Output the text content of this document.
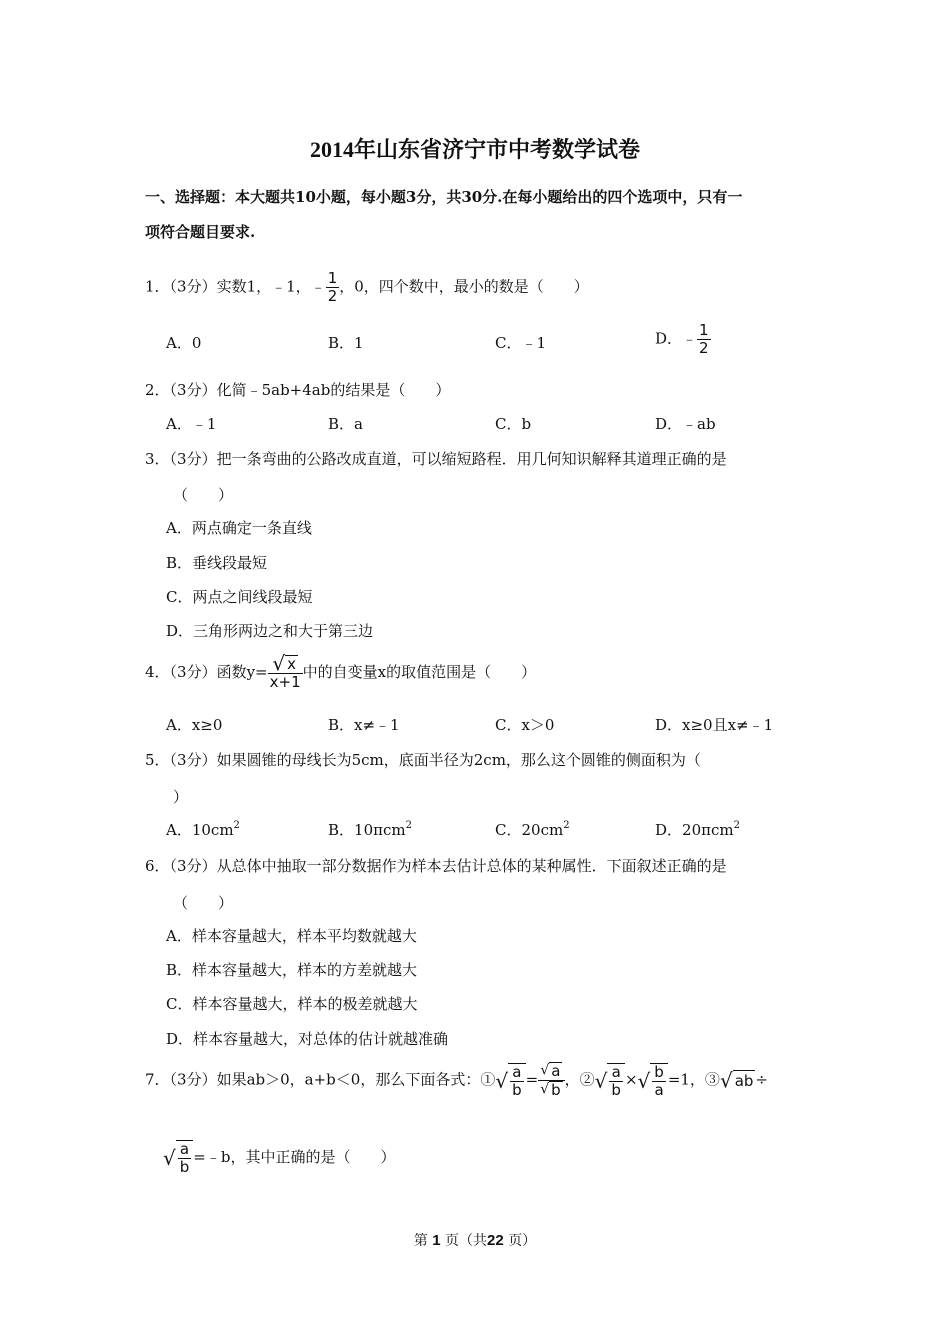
2014年山东省济宁市中考数学试卷
一、选择题：本大题共10小题，每小题3分，共30分.在每小题给出的四个选项中，只有一
项符合题目要求.
1．（3分）实数1，﹣1，﹣ $\frac{1}{2}$ ，0，四个数中，最小的数是（　　）
A．0	B．1	C．﹣1	D．﹣ $\frac{1}{2}$
2．（3分）化简﹣5ab+4ab的结果是（　　）
A．﹣1	B．a	C．b	D．﹣ab
3．（3分）把一条弯曲的公路改成直道，可以缩短路程．用几何知识解释其道理正确的是
（　　）
A．两点确定一条直线
B．垂线段最短
C．两点之间线段最短
D．三角形两边之和大于第三边
4．（3分）函数$y= \frac{√ x}{x+1}$ 中的自变量x的取值范围是（　　）
A．x≥0	B．x≠﹣1	C．x＞0	D．x≥0且x≠﹣1
5．（3分）如果圆锥的母线长为5cm，底面半径为2cm，那么这个圆锥的侧面积为（
）
A．$10cm^2$	B．10πcm$^2$	C．$20cm^2$	D．20πcm$^2$
6．（3分）从总体中抽取一部分数据作为样本去估计总体的某种属性．下面叙述正确的是
（　　）
A．样本容量越大，样本平均数就越大
B．样本容量越大，样本的方差就越大
C．样本容量越大，样本的极差就越大
D．样本容量越大，对总体的估计就越准确
7．（3分）如果ab＞0，a+b＜0，那么下面各式：①√ $\frac{a}{b} = \frac{√ a}{√ b}$ ，②√ $\frac{a}{b}$ ×√ $\frac{b}{a} =1$，③√ ab ÷
√ $\frac{a}{b}$ =﹣b，其中正确的是（　　）
第 1 页（共22 页）
